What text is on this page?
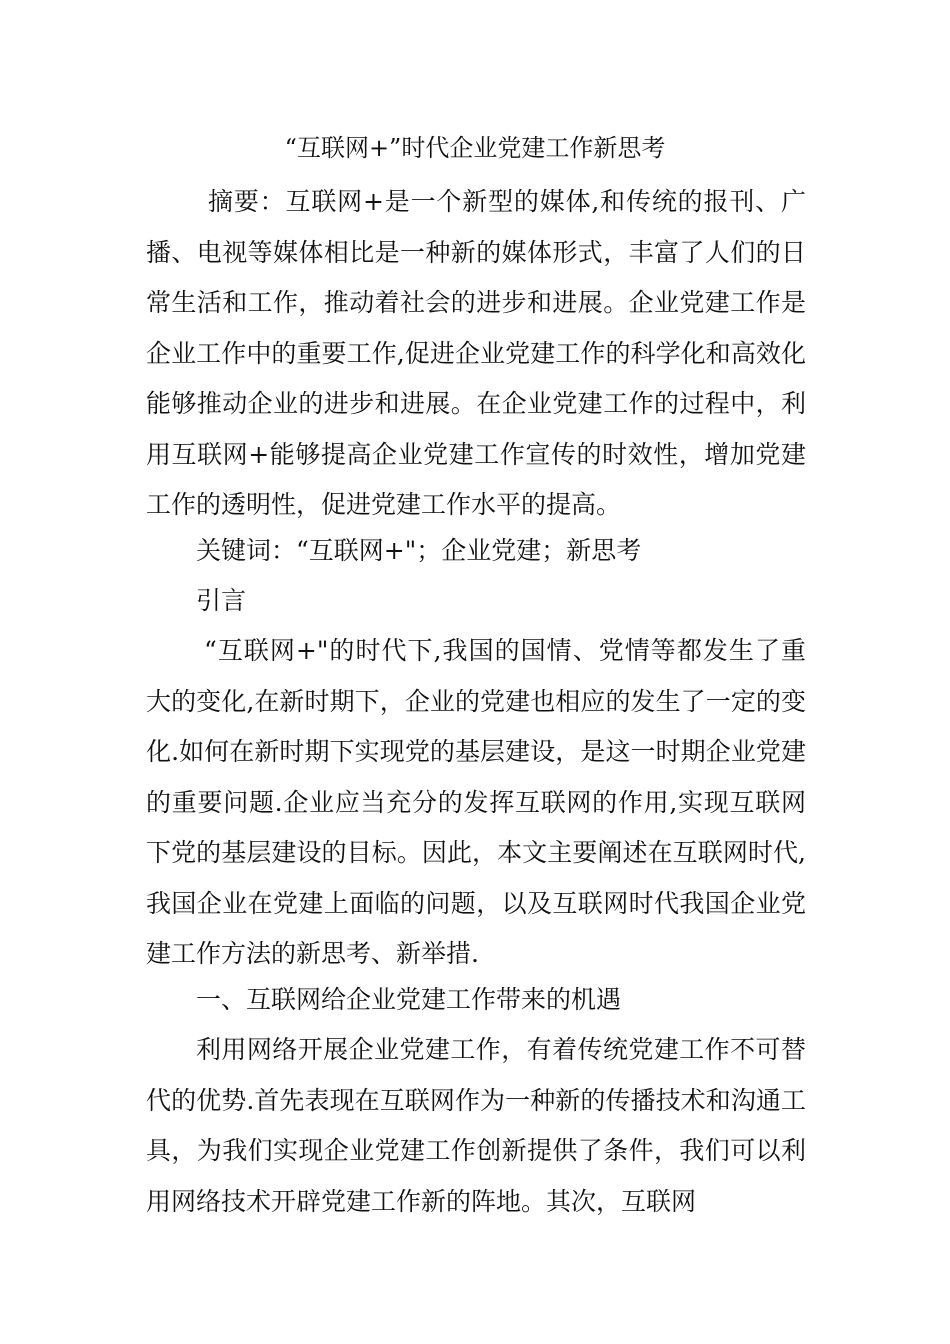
“互联网+”时代企业党建工作新思考

摘要：互联网+是一个新型的媒体,和传统的报刊、广播、电视等媒体相比是一种新的媒体形式，丰富了人们的日常生活和工作，推动着社会的进步和进展。企业党建工作是企业工作中的重要工作,促进企业党建工作的科学化和高效化能够推动企业的进步和进展。在企业党建工作的过程中，利用互联网+能够提高企业党建工作宣传的时效性，增加党建工作的透明性，促进党建工作水平的提高。

关键词：“互联网+"；企业党建；新思考

引言

“互联网+"的时代下,我国的国情、党情等都发生了重大的变化,在新时期下，企业的党建也相应的发生了一定的变化.如何在新时期下实现党的基层建设，是这一时期企业党建的重要问题.企业应当充分的发挥互联网的作用,实现互联网下党的基层建设的目标。因此，本文主要阐述在互联网时代,我国企业在党建上面临的问题，以及互联网时代我国企业党建工作方法的新思考、新举措.

一、互联网给企业党建工作带来的机遇

利用网络开展企业党建工作，有着传统党建工作不可替代的优势.首先表现在互联网作为一种新的传播技术和沟通工具，为我们实现企业党建工作创新提供了条件，我们可以利用网络技术开辟党建工作新的阵地。其次，互联网
